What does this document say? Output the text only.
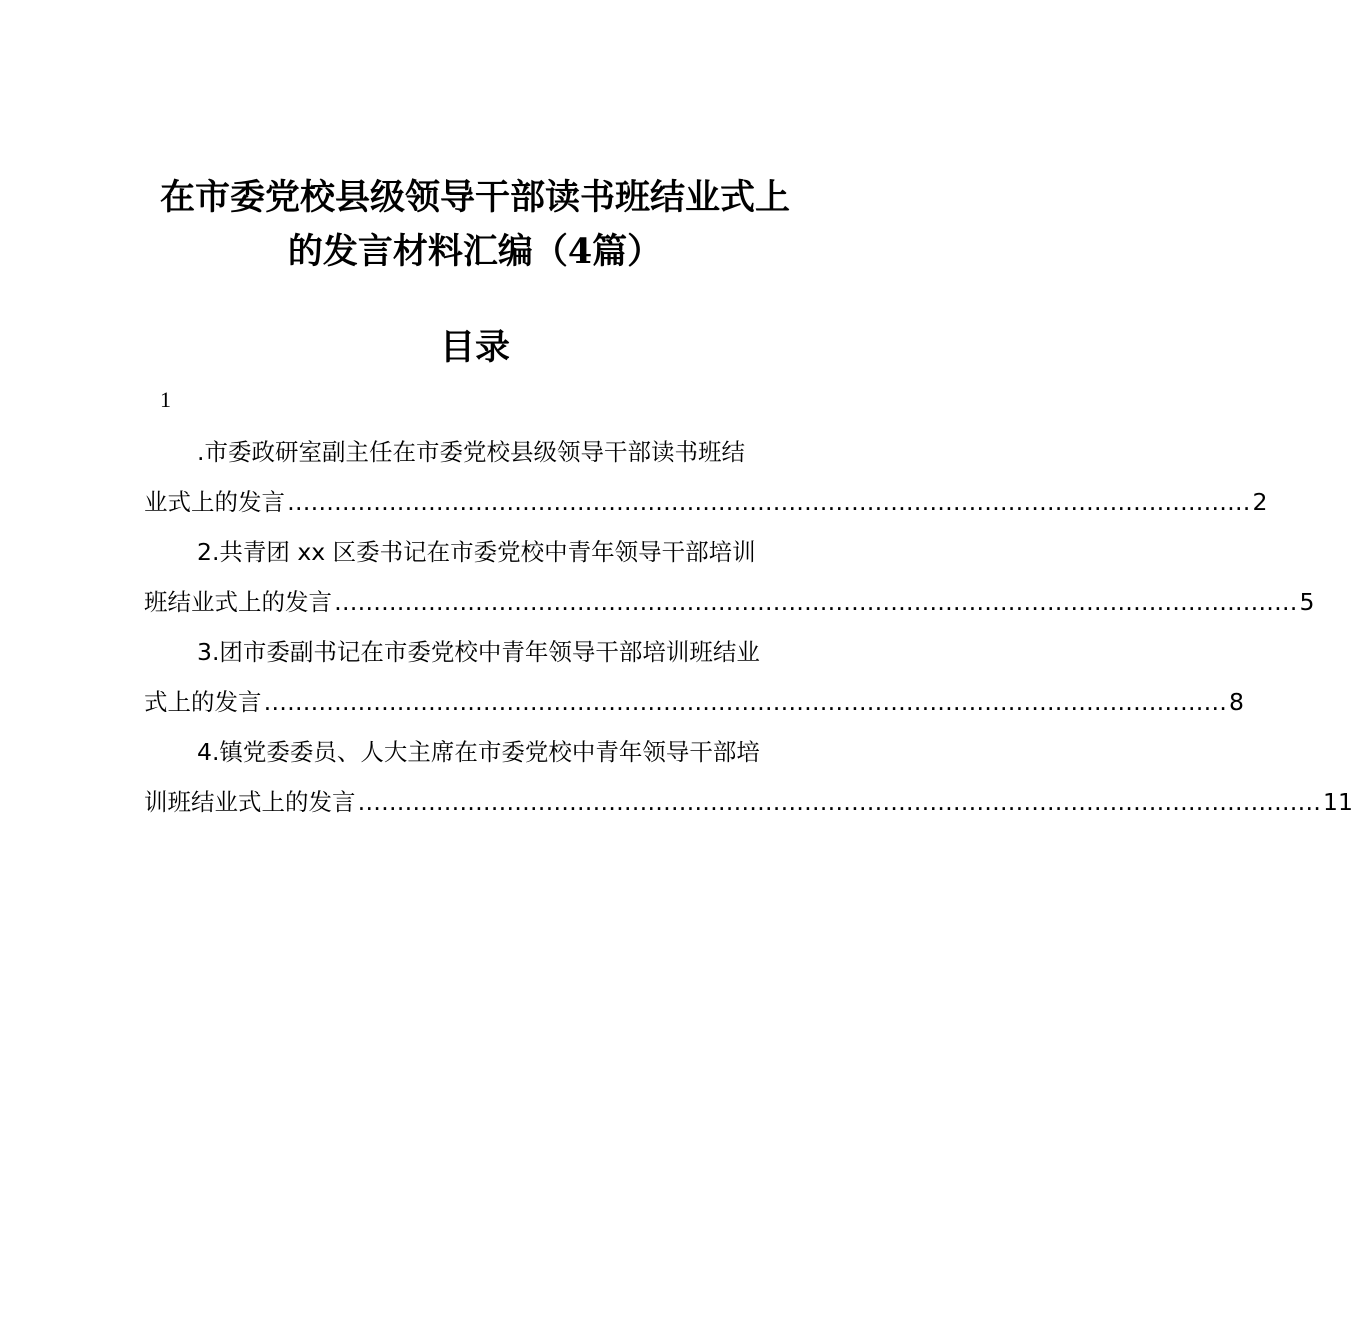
在市委党校县级领导干部读书班结业式上
的发言材料汇编（4篇）
目录
1
.市委政研室副主任在市委党校县级领导干部读书班结
业式上的发言 …………………………………………………………………………………………………………… 2
2.共青团 xx 区委书记在市委党校中青年领导干部培训
班结业式上的发言 …………………………………………………………………………………………………………… 5
3.团市委副书记在市委党校中青年领导干部培训班结业
式上的发言 …………………………………………………………………………………………………………… 8
4.镇党委委员、人大主席在市委党校中青年领导干部培
训班结业式上的发言 …………………………………………………………………………………………………………… 11
